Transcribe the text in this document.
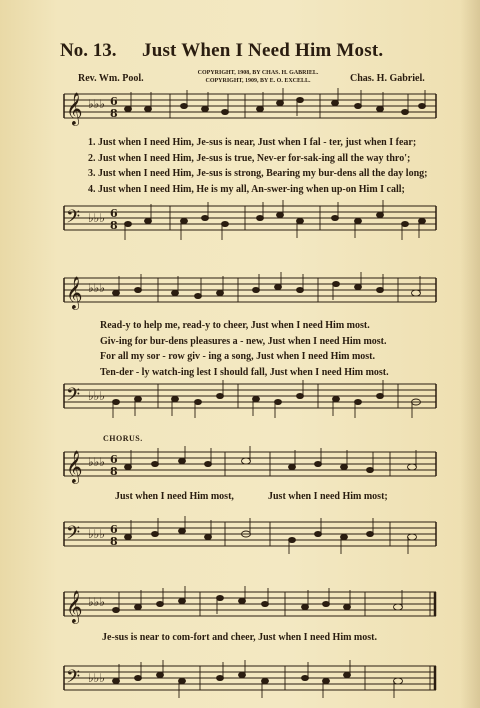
No. 13. Just When I Need Him Most.
Rev. Wm. Pool.	COPYRIGHT, 1908, BY CHAS. H. GABRIEL.
COPYRIGHT, 1909, BY E. O. EXCELL.	Chas. H. Gabriel.
𝄞 ♭♭♭ 6
8
1. Just when I need Him, Je-sus is near, Just when I fal - ter, just when I fear;
2. Just when I need Him, Je-sus is true, Nev-er for-sak-ing all the way thro';
3. Just when I need Him, Je-sus is strong, Bearing my bur-dens all the day long;
4. Just when I need Him, He is my all, An-swer-ing when up-on Him I call;
𝄢 ♭♭♭ 6
8
𝄞 ♭♭♭
Read-y to help me, read-y to cheer, Just when I need Him most.
Giv-ing for bur-dens pleasures a - new, Just when I need Him most.
For all my sor - row giv - ing a song, Just when I need Him most.
Ten-der - ly watch-ing lest I should fall, Just when I need Him most.
𝄢 ♭♭♭
CHORUS.
𝄞 ♭♭♭ 6
8
Just when I need Him most,	Just when I need Him most;
𝄢 ♭♭♭ 6
8
𝄞 ♭♭♭
Je-sus is near to com-fort and cheer, Just when I need Him most.
𝄢 ♭♭♭
